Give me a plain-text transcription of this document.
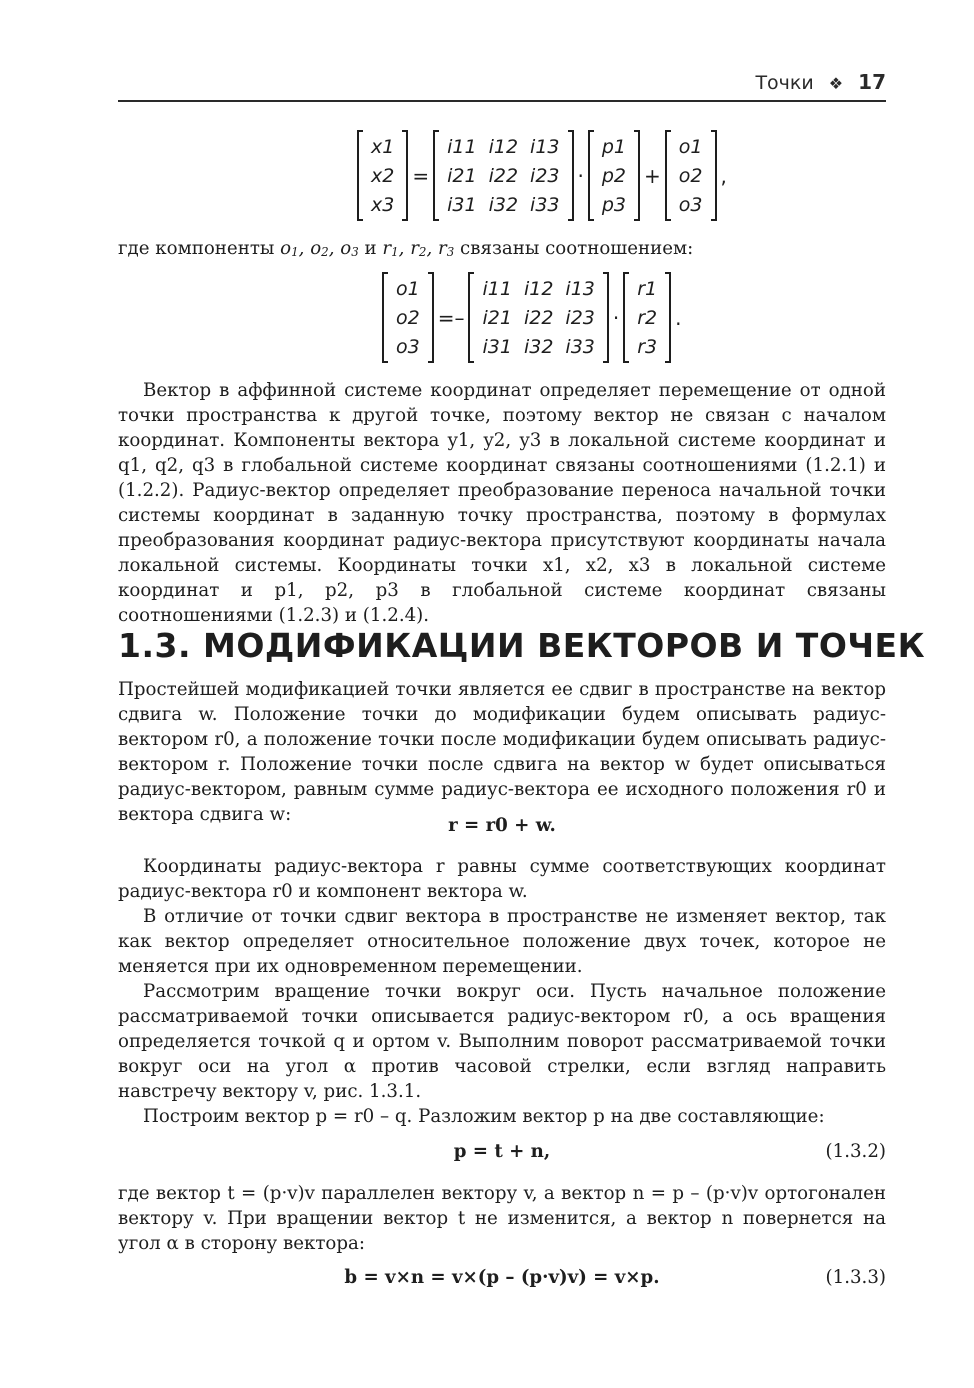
Точки ❖ 17
x1
x2
x3
=
i11	i12	i13
i21	i22	i23
i31	i32	i33
·
p1
p2
p3
+
o1
o2
o3
,

где компоненты $o_1$, $o_2$, $o_3$ и $r_1$, $r_2$, $r_3$ связаны соотношением:

o1
o2
o3
=–
i11	i12	i13
i21	i22	i23
i31	i32	i33
·
r1
r2
r3
.

Вектор в аффинной системе координат определяет перемещение от одной точки пространства к другой точке, поэтому вектор не связан с началом координат. Компоненты вектора y1, y2, y3 в локальной системе координат и q1, q2, q3 в глобальной системе координат связаны соотношениями (1.2.1) и (1.2.2). Радиус-вектор определяет преобразование переноса начальной точки системы координат в заданную точку пространства, поэтому в формулах преобразования координат радиус-вектора присутствуют координаты начала локальной системы. Координаты точки x1, x2, x3 в локальной системе координат и p1, p2, p3 в глобальной системе координат связаны соотношениями (1.2.3) и (1.2.4).

1.3. МОДИФИКАЦИИ ВЕКТОРОВ И ТОЧЕК

Простейшей модификацией точки является ее сдвиг в пространстве на вектор сдвига w. Положение точки до модификации будем описывать радиус-вектором r0, а положение точки после модификации будем описывать радиус-вектором r. Положение точки после сдвига на вектор w будет описываться радиус-вектором, равным сумме радиус-вектора ее исходного положения r0 и вектора сдвига w:

r = r0 + w.

Координаты радиус-вектора r равны сумме соответствующих координат радиус-вектора r0 и компонент вектора w.

В отличие от точки сдвиг вектора в пространстве не изменяет вектор, так как вектор определяет относительное положение двух точек, которое не меняется при их одновременном перемещении.

Рассмотрим вращение точки вокруг оси. Пусть начальное положение рассматриваемой точки описывается радиус-вектором r0, а ось вращения определяется точкой q и ортом v. Выполним поворот рассматриваемой точки вокруг оси на угол α против часовой стрелки, если взгляд направить навстречу вектору v, рис. 1.3.1.

Построим вектор p = r0 – q. Разложим вектор p на две составляющие:

p = t + n,	(1.3.2)

где вектор t = (p·v)v параллелен вектору v, а вектор n = p – (p·v)v ортогонален вектору v. При вращении вектор t не изменится, а вектор n повернется на угол α в сторону вектора:

b = v×n = v×(p – (p·v)v) = v×p.	(1.3.3)
